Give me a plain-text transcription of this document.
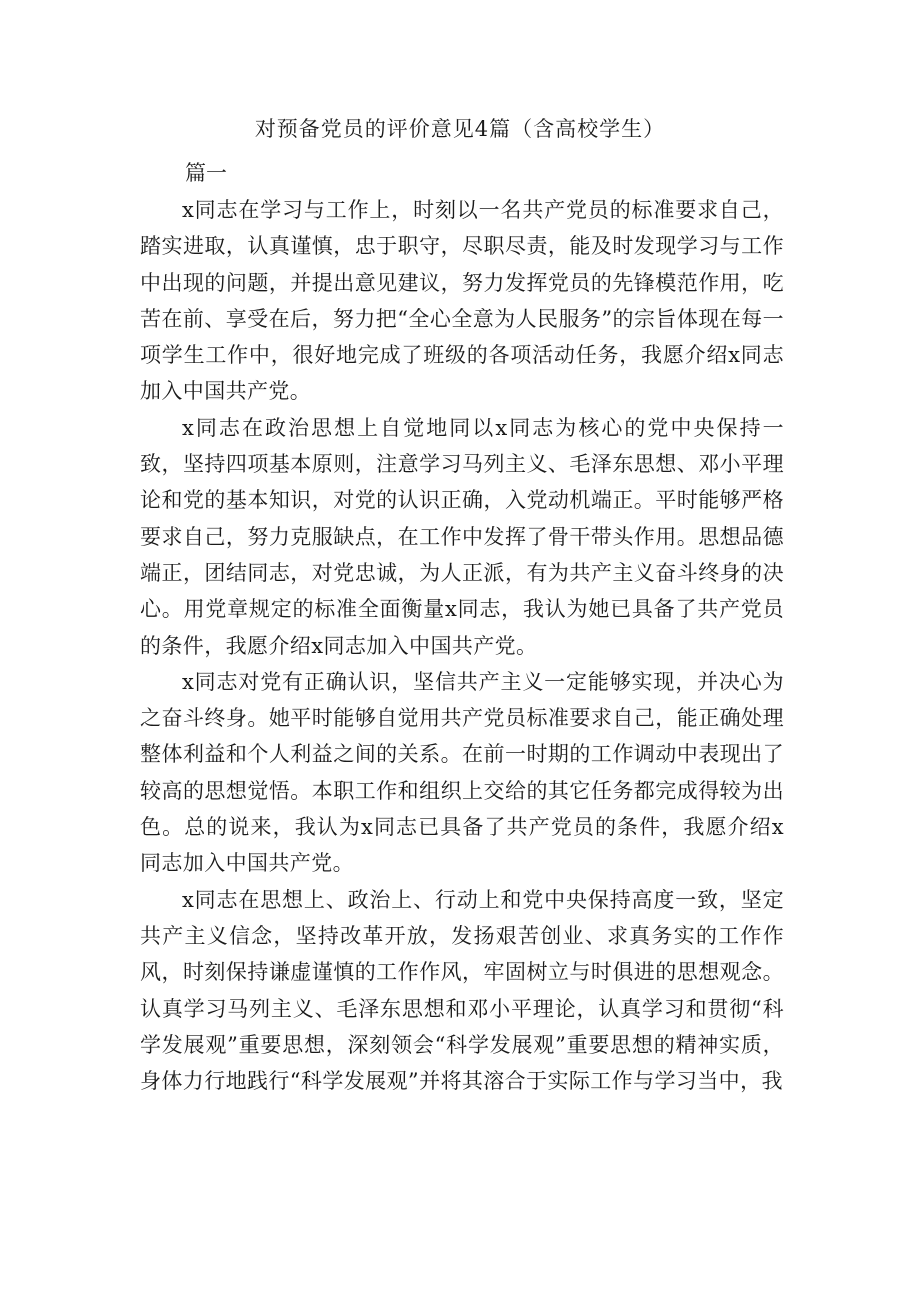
对预备党员的评价意见4篇（含高校学生）

篇一

x同志在学习与工作上，时刻以一名共产党员的标准要求自己，踏实进取，认真谨慎，忠于职守，尽职尽责，能及时发现学习与工作中出现的问题，并提出意见建议，努力发挥党员的先锋模范作用，吃苦在前、享受在后，努力把“全心全意为人民服务”的宗旨体现在每一项学生工作中，很好地完成了班级的各项活动任务，我愿介绍x同志加入中国共产党。

x同志在政治思想上自觉地同以x同志为核心的党中央保持一致，坚持四项基本原则，注意学习马列主义、毛泽东思想、邓小平理论和党的基本知识，对党的认识正确，入党动机端正。平时能够严格要求自己，努力克服缺点，在工作中发挥了骨干带头作用。思想品德端正，团结同志，对党忠诚，为人正派，有为共产主义奋斗终身的决心。用党章规定的标准全面衡量x同志，我认为她已具备了共产党员的条件，我愿介绍x同志加入中国共产党。

x同志对党有正确认识，坚信共产主义一定能够实现，并决心为之奋斗终身。她平时能够自觉用共产党员标准要求自己，能正确处理整体利益和个人利益之间的关系。在前一时期的工作调动中表现出了较高的思想觉悟。本职工作和组织上交给的其它任务都完成得较为出色。总的说来，我认为x同志已具备了共产党员的条件，我愿介绍x同志加入中国共产党。

x同志在思想上、政治上、行动上和党中央保持高度一致，坚定共产主义信念，坚持改革开放，发扬艰苦创业、求真务实的工作作风，时刻保持谦虚谨慎的工作作风，牢固树立与时俱进的思想观念。认真学习马列主义、毛泽东思想和邓小平理论，认真学习和贯彻“科学发展观”重要思想，深刻领会“科学发展观”重要思想的精神实质，身体力行地践行“科学发展观”并将其溶合于实际工作与学习当中，我
